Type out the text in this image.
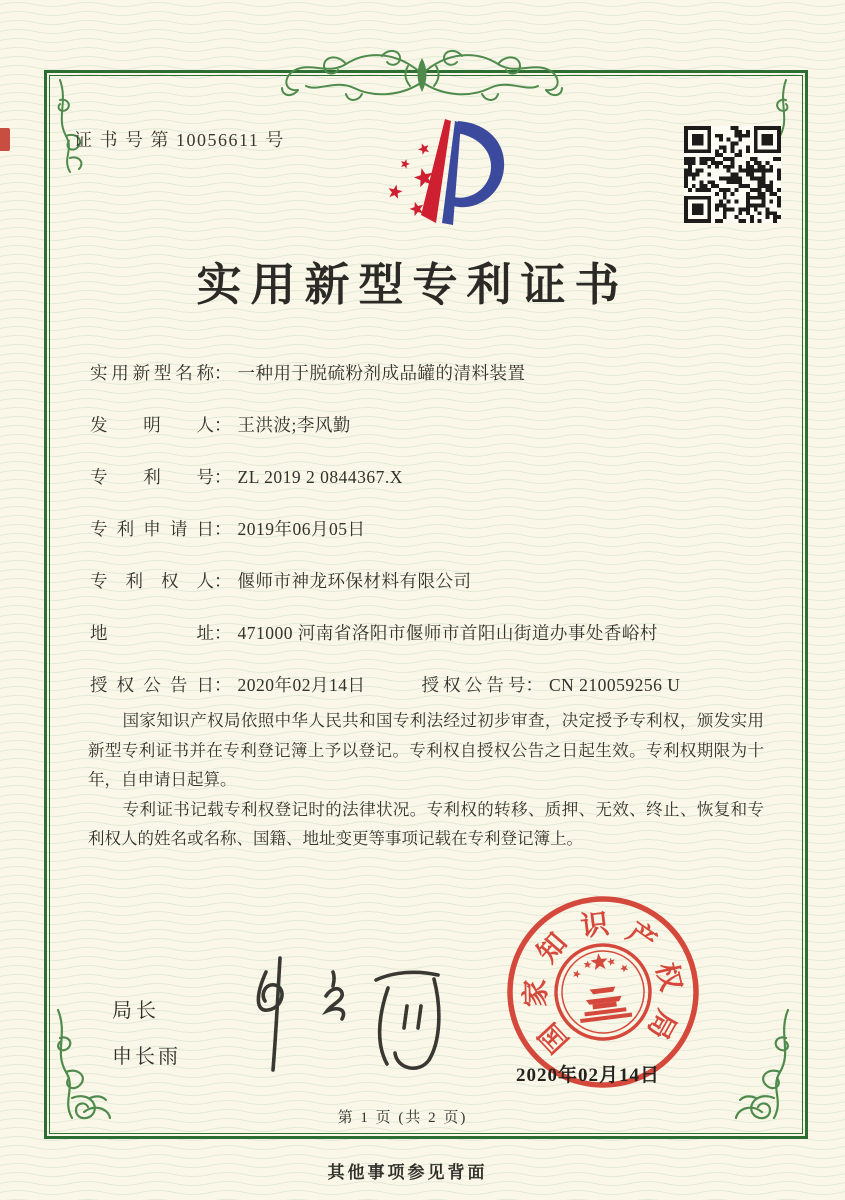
证 书 号 第 10056611 号
实用新型专利证书
实用新型名称： 一种用于脱硫粉剂成品罐的清料装置
发明人： 王洪波;李风勤
专利号： ZL 2019 2 0844367.X
专利申请日： 2019年06月05日
专利权人： 偃师市神龙环保材料有限公司
地址： 471000 河南省洛阳市偃师市首阳山街道办事处香峪村
授权公告日： 2020年02月14日	授权公告号： CN 210059256 U

国家知识产权局依照中华人民共和国专利法经过初步审查，决定授予专利权，颁发实用新型专利证书并在专利登记簿上予以登记。专利权自授权公告之日起生效。专利权期限为十年，自申请日起算。

专利证书记载专利权登记时的法律状况。专利权的转移、质押、无效、终止、恢复和专利权人的姓名或名称、国籍、地址变更等事项记载在专利登记簿上。

局长
申长雨	国
家
知
识 产
权
局
2020年02月14日
第 1 页 (共 2 页)
其他事项参见背面
